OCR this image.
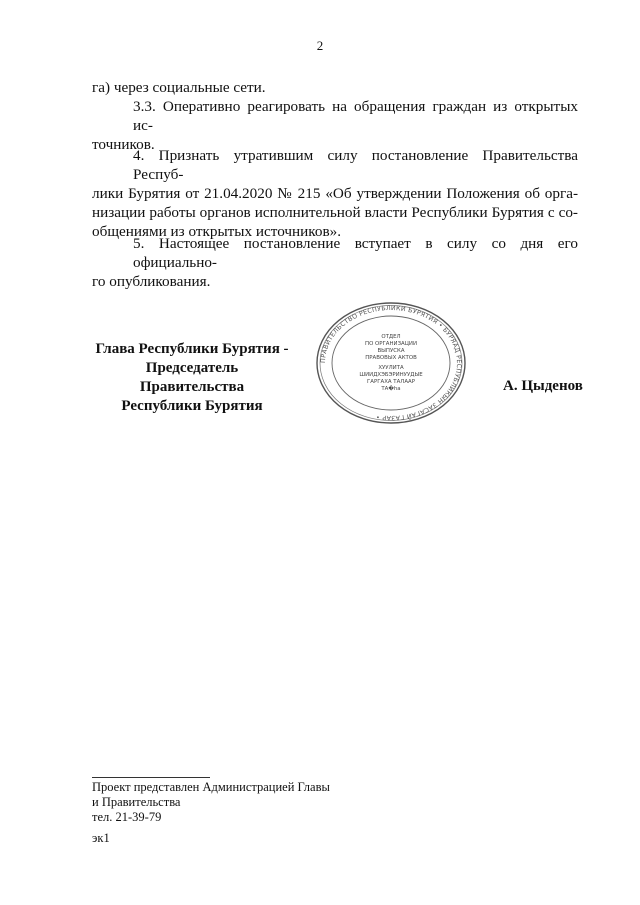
2
га) через социальные сети.
3.3. Оперативно реагировать на обращения граждан из открытых ис-
точников.
4. Признать утратившим силу постановление Правительства Респуб-
лики Бурятия от 21.04.2020 № 215 «Об утверждении Положения об орга-
низации работы органов исполнительной власти Республики Бурятия с со-
общениями из открытых источников».
5. Настоящее постановление вступает в силу со дня его официально-
го опубликования.
Глава Республики Бурятия -
Председатель Правительства
Республики Бурятия
ПРАВИТЕЛЬСТВО РЕСПУБЛИКИ БУРЯТИЯ • БУРЯАД РЕСПУБЛИКЫН ЗАСАГАЙ ГАЗАР •
ОТДЕЛ
ПО ОРГАНИЗАЦИИ
ВЫПУСКА
ПРАВОВЫХ АКТОВ
ХУУЛИТА
ШИИДХЭБЭРИНУУДЫЕ
ГАРГАХА ТАЛААР
ТА�ha	А. Цыденов
Проект представлен Администрацией Главы
и Правительства
тел. 21-39-79
эк1
